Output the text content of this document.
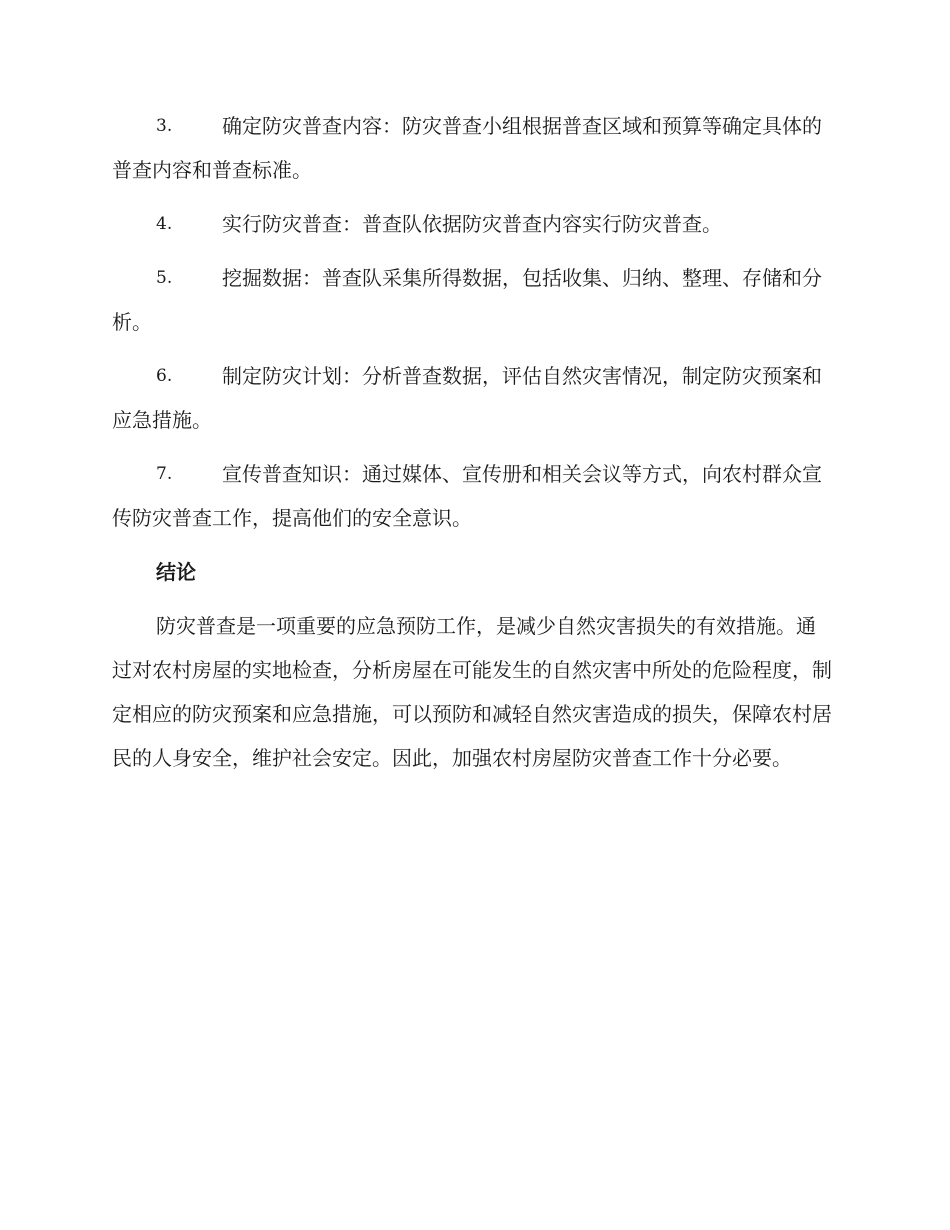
3. 确定防灾普查内容：防灾普查小组根据普查区域和预算等确定具体的普查内容和普查标准。
4. 实行防灾普查：普查队依据防灾普查内容实行防灾普查。
5. 挖掘数据：普查队采集所得数据，包括收集、归纳、整理、存储和分析。
6. 制定防灾计划：分析普查数据，评估自然灾害情况，制定防灾预案和应急措施。
7. 宣传普查知识：通过媒体、宣传册和相关会议等方式，向农村群众宣传防灾普查工作，提高他们的安全意识。
结论

防灾普查是一项重要的应急预防工作，是减少自然灾害损失的有效措施。通过对农村房屋的实地检查，分析房屋在可能发生的自然灾害中所处的危险程度，制定相应的防灾预案和应急措施，可以预防和减轻自然灾害造成的损失，保障农村居民的人身安全，维护社会安定。因此，加强农村房屋防灾普查工作十分必要。
